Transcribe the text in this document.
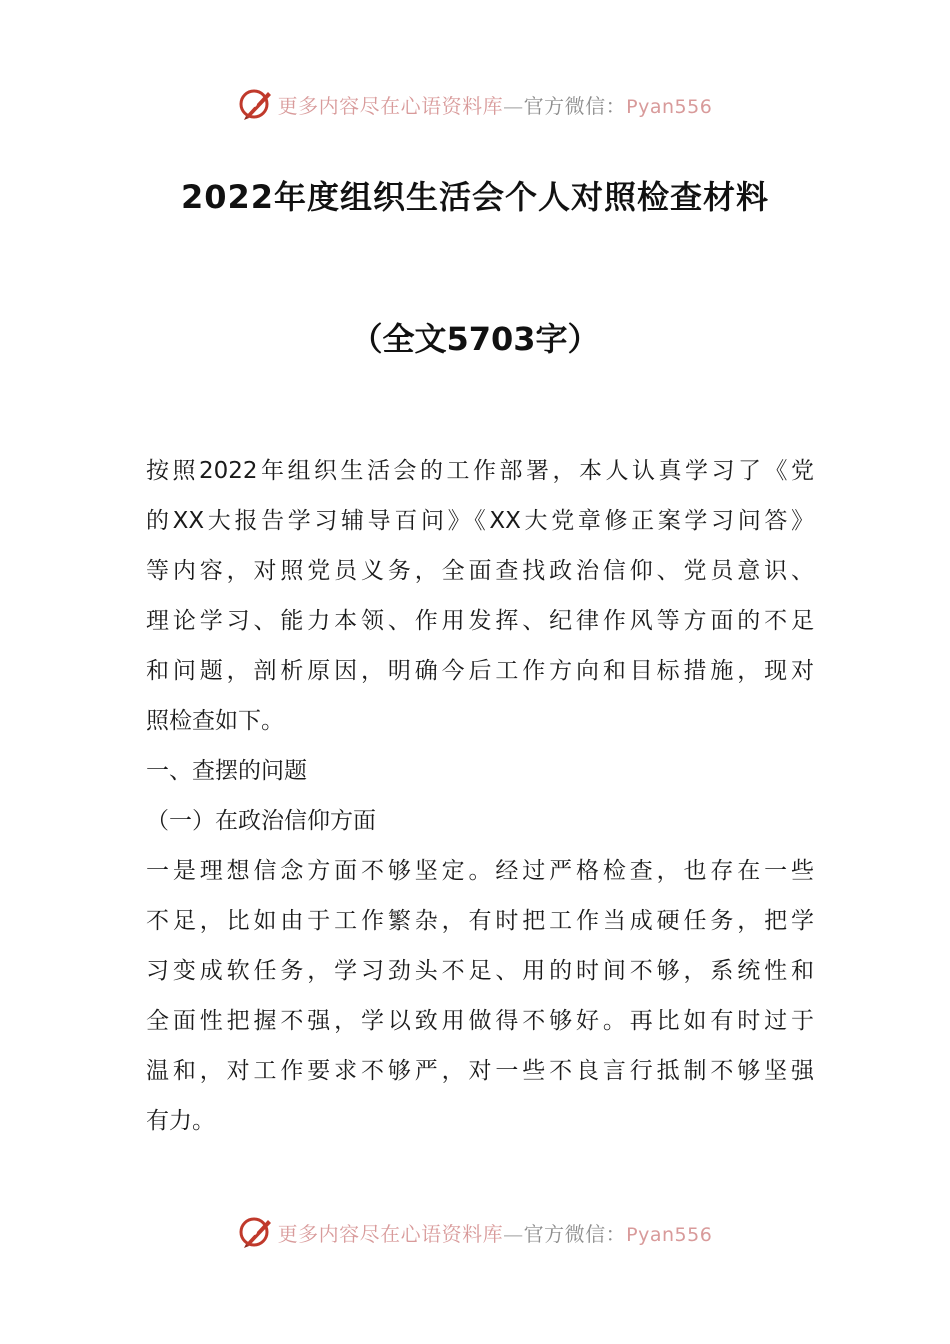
更多内容尽在心语资料库—官方微信：Pyan556
2022年度组织生活会个人对照检查材料
（全文5703字）
按照2022年组织生活会的工作部署，本人认真学习了《党
的XX大报告学习辅导百问》《XX大党章修正案学习问答》
等内容，对照党员义务，全面查找政治信仰、党员意识、
理论学习、能力本领、作用发挥、纪律作风等方面的不足
和问题，剖析原因，明确今后工作方向和目标措施，现对
照检查如下。
一、查摆的问题
（一）在政治信仰方面
一是理想信念方面不够坚定。经过严格检查，也存在一些
不足，比如由于工作繁杂，有时把工作当成硬任务，把学
习变成软任务，学习劲头不足、用的时间不够，系统性和
全面性把握不强，学以致用做得不够好。再比如有时过于
温和，对工作要求不够严，对一些不良言行抵制不够坚强
有力。
更多内容尽在心语资料库—官方微信：Pyan556
